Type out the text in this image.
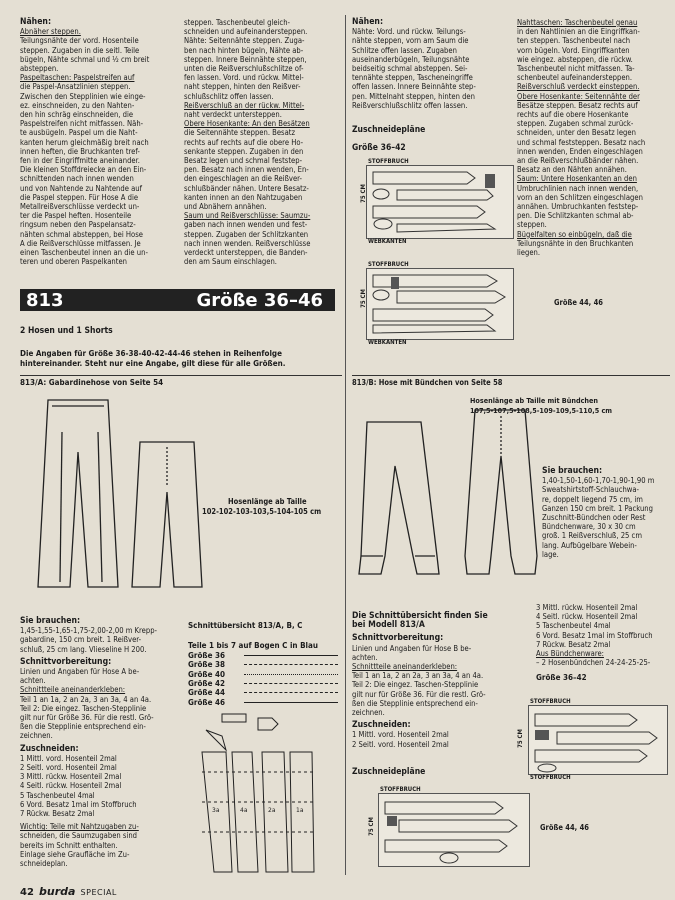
Nähen:

Abnäher steppen.

Teilungsnähte der vord. Hosenteile

steppen. Zugaben in die seitl. Teile

bügeln, Nähte schmal und ½ cm breit

absteppen.

Paspeltaschen: Paspelstreifen auf

die Paspel-Ansatzlinien steppen.

Zwischen den Stepplinien wie einge-

ez. einschneiden, zu den Nahten-

den hin schräg einschneiden, die

Paspelstreifen nicht mitfassen. Näh-

te ausbügeln. Paspel um die Naht-

kanten herum gleichmäßig breit nach

innen heften, die Bruchkanten tref-

fen in der Eingriffmitte aneinander.

Die kleinen Stoffdreiecke an den Ein-

schnittenden nach innen wenden

und von Nahtende zu Nahtende auf

die Paspel steppen. Für Hose A die

Metallreißverschlüsse verdeckt un-

ter die Paspel heften. Hosenteile

ringsum neben den Paspelansatz-

nähten schmal absteppen, bei Hose

A die Reißverschlüsse mitfassen. Je

einen Taschenbeutel innen an die un-

teren und oberen Paspelkanten

steppen. Taschenbeutel gleich-

schneiden und aufeinandersteppen.

Nähte: Seitennähte steppen. Zuga-

ben nach hinten bügeln, Nähte ab-

steppen. Innere Beinnähte steppen,

unten die Reißverschlußschlitze of-

fen lassen. Vord. und rückw. Mittel-

naht steppen, hinten den Reißver-

schlußschlitz offen lassen.

Reißverschluß an der rückw. Mittel-

naht verdeckt untersteppen.

Obere Hosenkante: An den Besätzen

die Seitennähte steppen. Besatz

rechts auf rechts auf die obere Ho-

senkante steppen. Zugaben in den

Besatz legen und schmal feststep-

pen. Besatz nach innen wenden, En-

den eingeschlagen an die Reißver-

schlußbänder nähen. Untere Besatz-

kanten innen an den Nahtzugaben

und Abnähern annähen.

Saum und Reißverschlüsse: Saumzu-

gaben nach innen wenden und fest-

steppen. Zugaben der Schlitzkanten

nach innen wenden. Reißverschlüsse

verdeckt untersteppen, die Banden-

den am Saum einschlagen.

Nähen:

Nähte: Vord. und rückw. Teilungs-

nähte steppen, vorn am Saum die

Schlitze offen lassen. Zugaben

auseinanderbügeln, Teilungsnähte

beidseitig schmal absteppen. Sei-

tennähte steppen, Tascheneingriffe

offen lassen. Innere Beinnähte step-

pen. Mittelnaht steppen, hinten den

Reißverschlußschlitz offen lassen.

Zuschneidepläne
Größe 36–42
STOFFBRUCH
WEBKANTEN
75 CM
STOFFBRUCH
WEBKANTEN
75 CM	Größe 44, 46

Nahttaschen: Taschenbeutel genau

in den Nahtlinien an die Eingriffkan-

ten steppen. Taschenbeutel nach

vorn bügeln. Vord. Eingriffkanten

wie eingez. absteppen, die rückw.

Taschenbeutel nicht mitfassen. Ta-

schenbeutel aufeinandersteppen.

Reißverschluß verdeckt einsteppen.

Obere Hosenkante: Seitennähte der

Besätze steppen. Besatz rechts auf

rechts auf die obere Hosenkante

steppen. Zugaben schmal zurück-

schneiden, unter den Besatz legen

und schmal feststeppen. Besatz nach

innen wenden, Enden eingeschlagen

an die Reißverschlußbänder nähen.

Besatz an den Nähten annähen.

Saum: Untere Hosenkanten an den

Umbruchlinien nach innen wenden,

vorn an den Schlitzen eingeschlagen

annähen. Umbruchkanten feststep-

pen. Die Schlitzkanten schmal ab-

steppen.

Bügelfalten so einbügeln, daß die

Teilungsnähte in den Bruchkanten

liegen.

813	Größe 36–46
2 Hosen und 1 Shorts
Die Angaben für Größe 36-38-40-42-44-46 stehen in Reihenfolge
hintereinander. Steht nur eine Angabe, gilt diese für alle Größen.
813/A: Gabardinehose von Seite 54
Hosenlänge ab Taille
102-102-103-103,5-104-105 cm
813/B: Hose mit Bündchen von Seite 58
Hosenlänge ab Taille mit Bündchen
107,5-107,5-108,5-109-109,5-110,5 cm

Sie brauchen:

1,40-1,50-1,60-1,70-1,90-1,90 m

Sweatshirtstoff-Schlauchwa-

re, doppelt liegend 75 cm, im

Ganzen 150 cm breit. 1 Packung

Zuschnitt-Bündchen oder Rest

Bündchenware, 30 x 30 cm

groß. 1 Reißverschluß, 25 cm

lang. Aufbügelbare Webein-

lage.

Sie brauchen:

1,45-1,55-1,65-1,75-2,00-2,00 m Krepp-

gabardine, 150 cm breit. 1 Reißver-

schluß, 25 cm lang. Vlieseline H 200.

Schnittvorbereitung:

Linien und Angaben für Hose A be-

achten.

Schnittteile aneinanderkleben:

Teil 1 an 1a, 2 an 2a, 3 an 3a, 4 an 4a.

Teil 2: Die eingez. Taschen-Stepplinie

gilt nur für Größe 36. Für die restl. Grö-

ßen die Stepplinie entsprechend ein-

zeichnen.

Zuschneiden:

1 Mittl. vord. Hosenteil 2mal

2 Seitl. vord. Hosenteil 2mal

3 Mittl. rückw. Hosenteil 2mal

4 Seitl. rückw. Hosenteil 2mal

5 Taschenbeutel 4mal

6 Vord. Besatz 1mal im Stoffbruch

7 Rückw. Besatz 2mal

Wichtig: Teile mit Nahtzugaben zu-

schneiden, die Saumzugaben sind

bereits im Schnitt enthalten.

Einlage siehe Graufläche im Zu-

schneideplan.

Schnittübersicht 813/A, B, C
Teile 1 bis 7 auf Bogen C in Blau
Größe 36
Größe 38
Größe 40
Größe 42
Größe 44
Größe 46
3a	4a	2a	1a

Die Schnittübersicht finden Sie

bei Modell 813/A

Schnittvorbereitung:

Linien und Angaben für Hose B be-

achten.

Schnittteile aneinanderkleben:

Teil 1 an 1a, 2 an 2a, 3 an 3a, 4 an 4a.

Teil 2: Die eingez. Taschen-Stepplinie

gilt nur für Größe 36. Für die restl. Grö-

ßen die Stepplinie entsprechend ein-

zeichnen.

Zuschneiden:

1 Mittl. vord. Hosenteil 2mal

2 Seitl. vord. Hosenteil 2mal

Zuschneidepläne
STOFFBRUCH
75 CM	Größe 44, 46

3 Mittl. rückw. Hosenteil 2mal

4 Seitl. rückw. Hosenteil 2mal

5 Taschenbeutel 4mal

6 Vord. Besatz 1mal im Stoffbruch

7 Rückw. Besatz 2mal

Aus Bündchenware:

– 2 Hosenbündchen 24-24-25-25-

Größe 36–42
STOFFBRUCH
STOFFBRUCH
75 CM
42 burda SPECIAL
